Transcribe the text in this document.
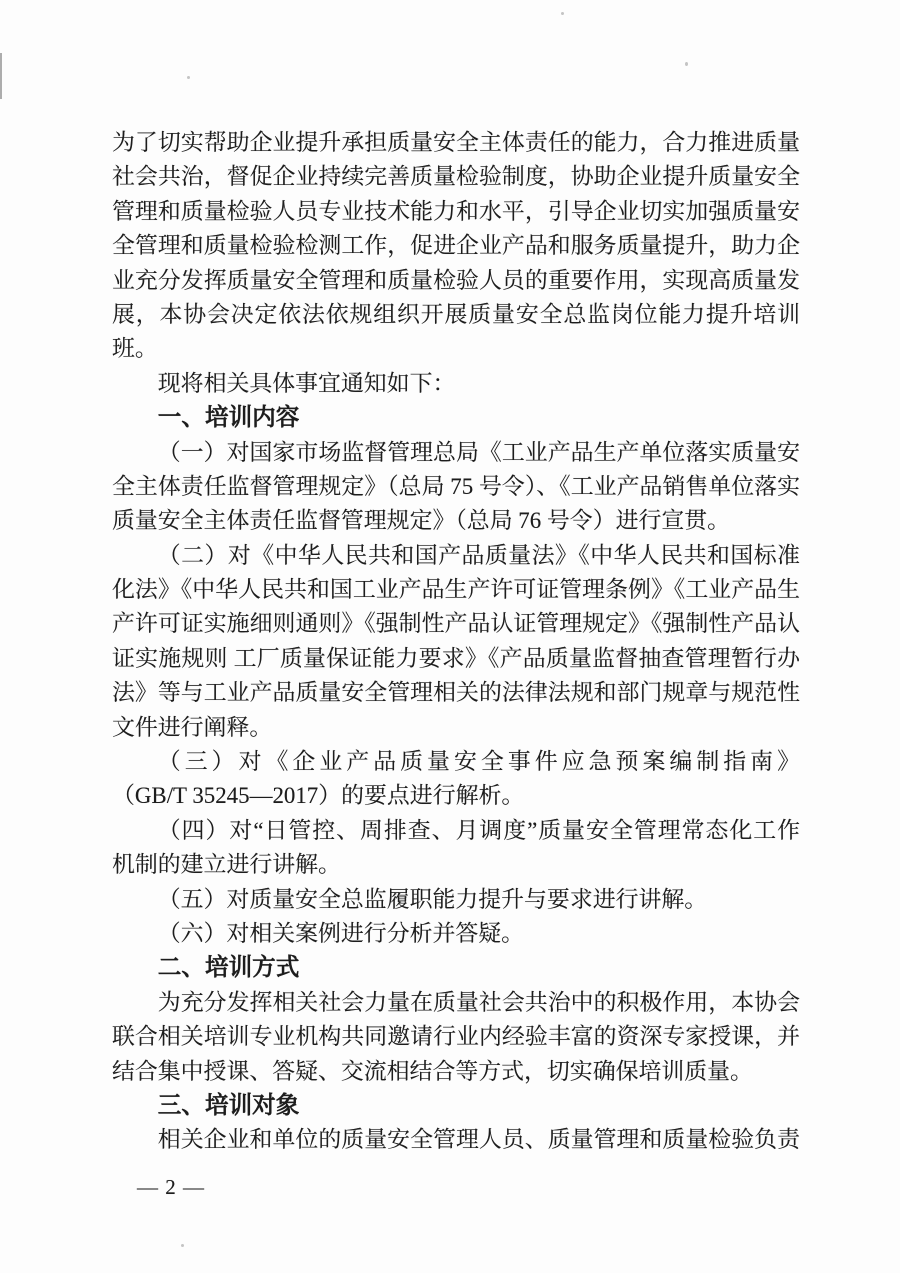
为了切实帮助企业提升承担质量安全主体责任的能力，合力推进质量
社会共治，督促企业持续完善质量检验制度，协助企业提升质量安全
管理和质量检验人员专业技术能力和水平，引导企业切实加强质量安
全管理和质量检验检测工作，促进企业产品和服务质量提升，助力企
业充分发挥质量安全管理和质量检验人员的重要作用，实现高质量发
展，本协会决定依法依规组织开展质量安全总监岗位能力提升培训
班。
现将相关具体事宜通知如下：
一、培训内容
（一）对国家市场监督管理总局《工业产品生产单位落实质量安
全主体责任监督管理规定》（总局 75 号令）、《工业产品销售单位落实
质量安全主体责任监督管理规定》（总局 76 号令）进行宣贯。
（二）对《中华人民共和国产品质量法》《中华人民共和国标准
化法》《中华人民共和国工业产品生产许可证管理条例》《工业产品生
产许可证实施细则通则》《强制性产品认证管理规定》《强制性产品认
证实施规则 工厂质量保证能力要求》《产品质量监督抽查管理暂行办
法》等与工业产品质量安全管理相关的法律法规和部门规章与规范性
文件进行阐释。
（三）对《企业产品质量安全事件应急预案编制指南》
（GB/T 35245—2017）的要点进行解析。
（四）对“日管控、周排查、月调度”质量安全管理常态化工作
机制的建立进行讲解。
（五）对质量安全总监履职能力提升与要求进行讲解。
（六）对相关案例进行分析并答疑。
二、培训方式
为充分发挥相关社会力量在质量社会共治中的积极作用，本协会
联合相关培训专业机构共同邀请行业内经验丰富的资深专家授课，并
结合集中授课、答疑、交流相结合等方式，切实确保培训质量。
三、培训对象
相关企业和单位的质量安全管理人员、质量管理和质量检验负责
— 2 —
